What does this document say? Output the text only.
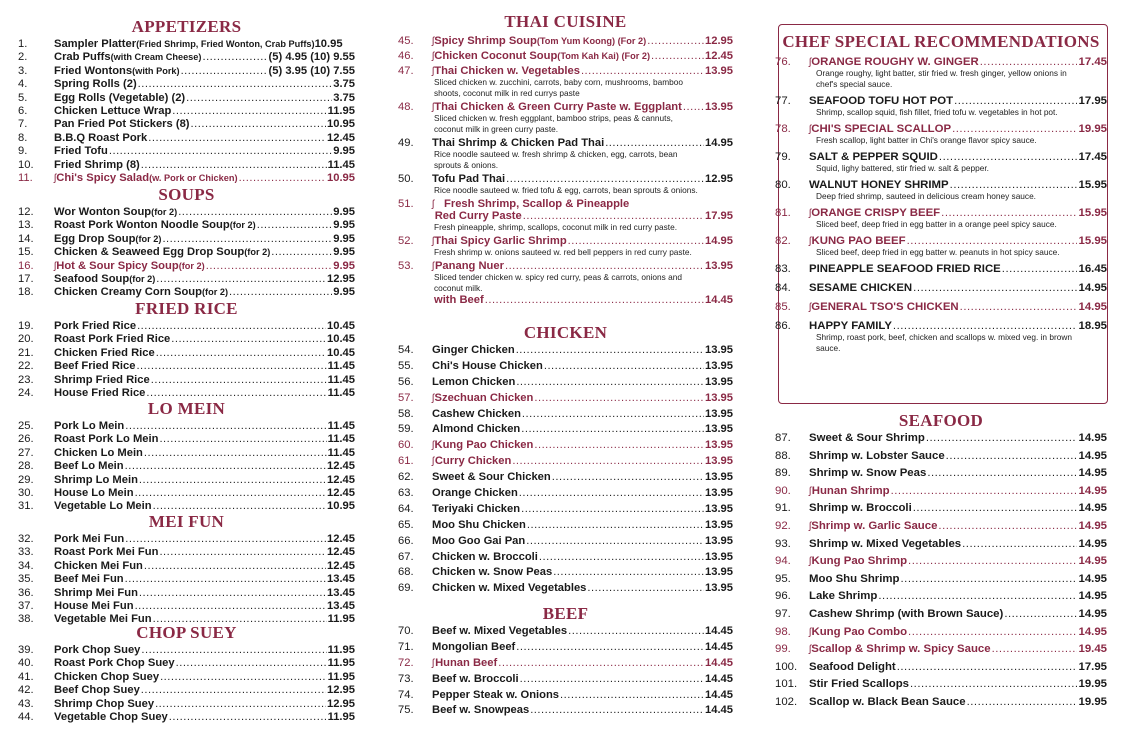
APPETIZERS
1.	Sampler Platter (Fried Shrimp, Fried Wonton, Crab Puffs) 10.95
2.	Crab Puffs (with Cream Cheese) .....	(5) 4.95 (10) 9.55
3.	Fried Wontons (with Pork) .....	(5) 3.95 (10) 7.55
4.	Spring Rolls (2) .....	3.75
5.	Egg Rolls (Vegetable) (2) .....	3.75
6.	Chicken Lettuce Wrap .....	11.95
7.	Pan Fried Pot Stickers (8) .....	10.95
8.	B.B.Q Roast Pork .....	12.45
9.	Fried Tofu .....	9.95
10.	Fried Shrimp (8) .....	11.45
11.	ʃ Chi's Spicy Salad (w. Pork or Chicken) .....	10.95
SOUPS
12.	Wor Wonton Soup (for 2) .....	9.95
13.	Roast Pork Wonton Noodle Soup (for 2) .....	9.95
14.	Egg Drop Soup (for 2) .....	9.95
15.	Chicken & Seaweed Egg Drop Soup (for 2) .....	9.95
16.	ʃ Hot & Sour Spicy Soup (for 2) .....	9.95
17.	Seafood Soup (for 2) .....	12.95
18.	Chicken Creamy Corn Soup (for 2) .....	9.95
FRIED RICE
19.	Pork Fried Rice .....	10.45
20.	Roast Pork Fried Rice .....	10.45
21.	Chicken Fried Rice .....	10.45
22.	Beef Fried Rice .....	11.45
23.	Shrimp Fried Rice .....	11.45
24.	House Fried Rice .....	11.45
LO MEIN
25.	Pork Lo Mein .....	11.45
26.	Roast Pork Lo Mein .....	11.45
27.	Chicken Lo Mein .....	11.45
28.	Beef Lo Mein .....	12.45
29.	Shrimp Lo Mein .....	12.45
30.	House Lo Mein .....	12.45
31.	Vegetable Lo Mein .....	10.95
MEI FUN
32.	Pork Mei Fun .....	12.45
33.	Roast Pork Mei Fun .....	12.45
34.	Chicken Mei Fun .....	12.45
35.	Beef Mei Fun .....	13.45
36.	Shrimp Mei Fun .....	13.45
37.	House Mei Fun .....	13.45
38.	Vegetable Mei Fun .....	11.95
CHOP SUEY
39.	Pork Chop Suey .....	11.95
40.	Roast Pork Chop Suey .....	11.95
41.	Chicken Chop Suey .....	11.95
42.	Beef Chop Suey .....	12.95
43.	Shrimp Chop Suey .....	12.95
44.	Vegetable Chop Suey .....	11.95
THAI CUISINE
45.	ʃ Spicy Shrimp Soup (Tom Yum Koong) (For 2) .....	12.95
46.	ʃ Chicken Coconut Soup (Tom Kah Kai) (For 2) .....	12.45
47.	ʃ Thai Chicken w. Vegetables .....	13.95
Sliced chicken w. zucchini, carrots, baby corn, mushrooms, bamboo shoots, coconut milk in red currys paste
48.	ʃ Thai Chicken & Green Curry Paste w. Eggplant ..... 13.95
Sliced chicken w. fresh eggplant, bamboo strips, peas & cannuts, coconut milk in green curry paste.
49.	Thai Shrimp & Chicken Pad Thai .....	14.95
Rice noodle sauteed w. fresh shrimp & chicken, egg, carrots, bean sprouts & onions.
50.	Tofu Pad Thai .....	12.95
Rice noodle sauteed w. fried tofu & egg, carrots, bean sprouts & onions.
51.	ʃ Fresh Shrimp, Scallop & Pineapple
Red Curry Paste .....	17.95
Fresh pineapple, shrimp, scallops, coconut milk in red curry paste.
52.	ʃ Thai Spicy Garlic Shrimp .....	14.95
Fresh shrimp w. onions sauteed w. red bell peppers in red curry paste.
53.	ʃ Panang Nuer .....	13.95
Sliced tender chicken w. spicy red curry, peas & carrots, onions and coconut milk.
with Beef .....	14.45
CHICKEN
54.	Ginger Chicken .....	13.95
55.	Chi's House Chicken .....	13.95
56.	Lemon Chicken .....	13.95
57.	ʃ Szechuan Chicken .....	13.95
58.	Cashew Chicken .....	13.95
59.	Almond Chicken .....	13.95
60.	ʃ Kung Pao Chicken .....	13.95
61.	ʃ Curry Chicken .....	13.95
62.	Sweet & Sour Chicken .....	13.95
63.	Orange Chicken .....	13.95
64.	Teriyaki Chicken .....	13.95
65.	Moo Shu Chicken .....	13.95
66.	Moo Goo Gai Pan .....	13.95
67.	Chicken w. Broccoli .....	13.95
68.	Chicken w. Snow Peas .....	13.95
69.	Chicken w. Mixed Vegetables .....	13.95
BEEF
70.	Beef w. Mixed Vegetables .....	14.45
71.	Mongolian Beef .....	14.45
72.	ʃ Hunan Beef .....	14.45
73.	Beef w. Broccoli .....	14.45
74.	Pepper Steak w. Onions .....	14.45
75.	Beef w. Snowpeas .....	14.45
CHEF SPECIAL RECOMMENDATIONS
76.	ʃ ORANGE ROUGHY W. GINGER .....	17.45
Orange roughy, light batter, stir fried w. fresh ginger, yellow onions in chef's special sauce.
77.	SEAFOOD TOFU HOT POT .....	17.95
Shrimp, scallop squid, fish fillet, fried tofu w. vegetables in hot pot.
78.	ʃ CHI'S SPECIAL SCALLOP .....	19.95
Fresh scallop, light batter in Chi's orange flavor spicy sauce.
79.	SALT & PEPPER SQUID .....	17.45
Squid, lighy battered, stir fried w. salt & pepper.
80.	WALNUT HONEY SHRIMP .....	15.95
Deep fried shrimp, sauteed in delicious cream honey sauce.
81.	ʃ ORANGE CRISPY BEEF .....	15.95
Sliced beef, deep fried in egg batter in a orange peel spicy sauce.
82.	ʃ KUNG PAO BEEF .....	15.95
Sliced beef, deep fried in egg batter w. peanuts in hot spicy sauce.
83.	PINEAPPLE SEAFOOD FRIED RICE .....	16.45
84.	SESAME CHICKEN .....	14.95
85.	ʃ GENERAL TSO'S CHICKEN .....	14.95
86.	HAPPY FAMILY .....	18.95
Shrimp, roast pork, beef, chicken and scallops w. mixed veg. in brown sauce.
SEAFOOD
87.	Sweet & Sour Shrimp .....	14.95
88.	Shrimp w. Lobster Sauce .....	14.95
89.	Shrimp w. Snow Peas .....	14.95
90.	ʃ Hunan Shrimp .....	14.95
91.	Shrimp w. Broccoli .....	14.95
92.	ʃ Shrimp w. Garlic Sauce .....	14.95
93.	Shrimp w. Mixed Vegetables .....	14.95
94.	ʃ Kung Pao Shrimp .....	14.95
95.	Moo Shu Shrimp .....	14.95
96.	Lake Shrimp .....	14.95
97.	Cashew Shrimp (with Brown Sauce) .....	14.95
98.	ʃ Kung Pao Combo .....	14.95
99.	ʃ Scallop & Shrimp w. Spicy Sauce .....	19.45
100.	Seafood Delight .....	17.95
101.	Stir Fried Scallops .....	19.95
102.	Scallop w. Black Bean Sauce .....	19.95
